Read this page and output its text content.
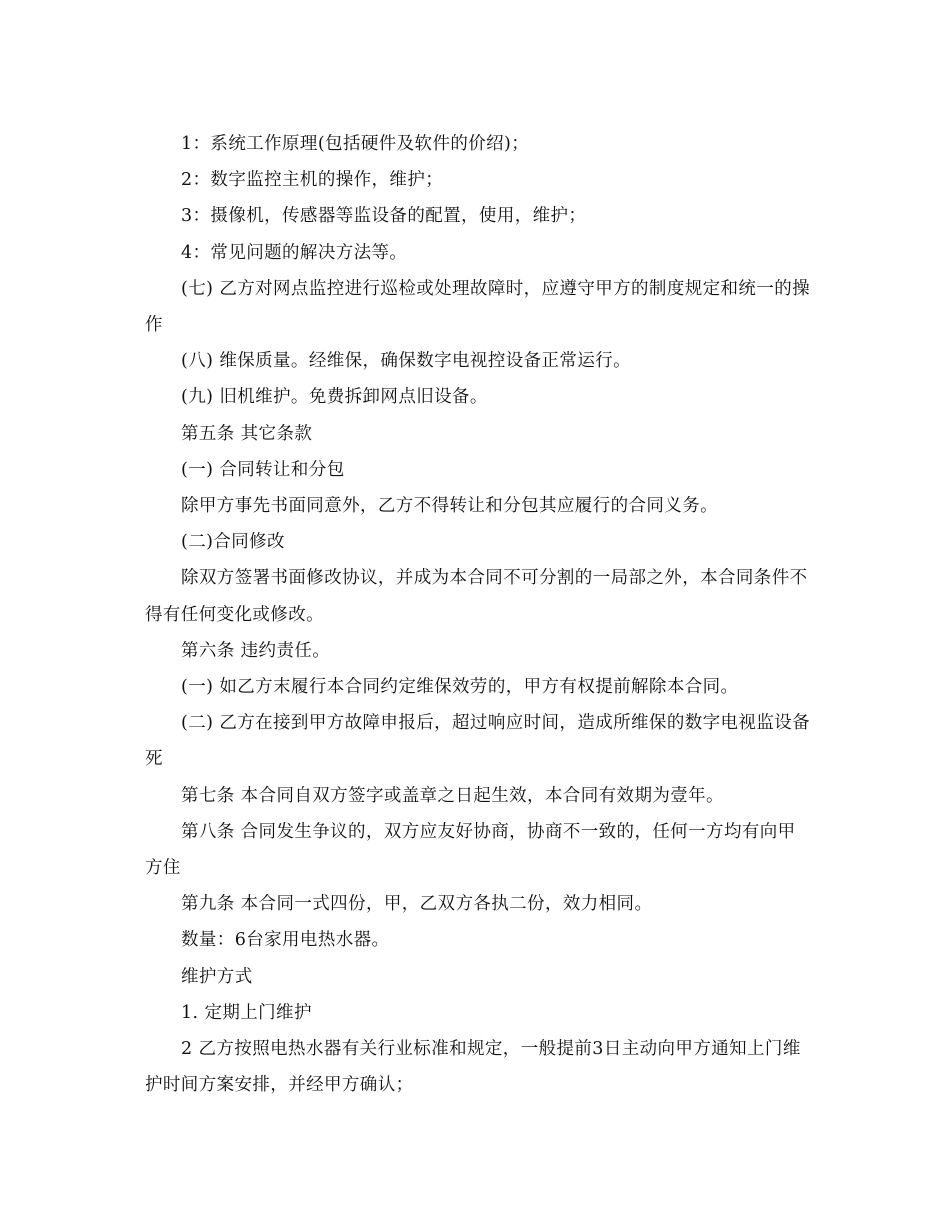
1：系统工作原理(包括硬件及软件的价绍)；

2：数字监控主机的操作，维护；

3：摄像机，传感器等监设备的配置，使用，维护；

4：常见问题的解决方法等。

(七) 乙方对网点监控进行巡检或处理故障时，应遵守甲方的制度规定和统一的操作

(八) 维保质量。经维保，确保数字电视控设备正常运行。

(九) 旧机维护。免费拆卸网点旧设备。

第五条 其它条款

(一) 合同转让和分包

除甲方事先书面同意外，乙方不得转让和分包其应履行的合同义务。

(二)合同修改

除双方签署书面修改协议，并成为本合同不可分割的一局部之外，本合同条件不得有任何变化或修改。

第六条 违约责任。

(一) 如乙方末履行本合同约定维保效劳的，甲方有权提前解除本合同。

(二) 乙方在接到甲方故障申报后，超过响应时间，造成所维保的数字电视监设备死

第七条 本合同自双方签字或盖章之日起生效，本合同有效期为壹年。

第八条 合同发生争议的，双方应友好协商，协商不一致的，任何一方均有向甲方住

第九条 本合同一式四份，甲，乙双方各执二份，效力相同。

数量：6台家用电热水器。

维护方式

1. 定期上门维护

2 乙方按照电热水器有关行业标准和规定，一般提前3日主动向甲方通知上门维护时间方案安排，并经甲方确认；
